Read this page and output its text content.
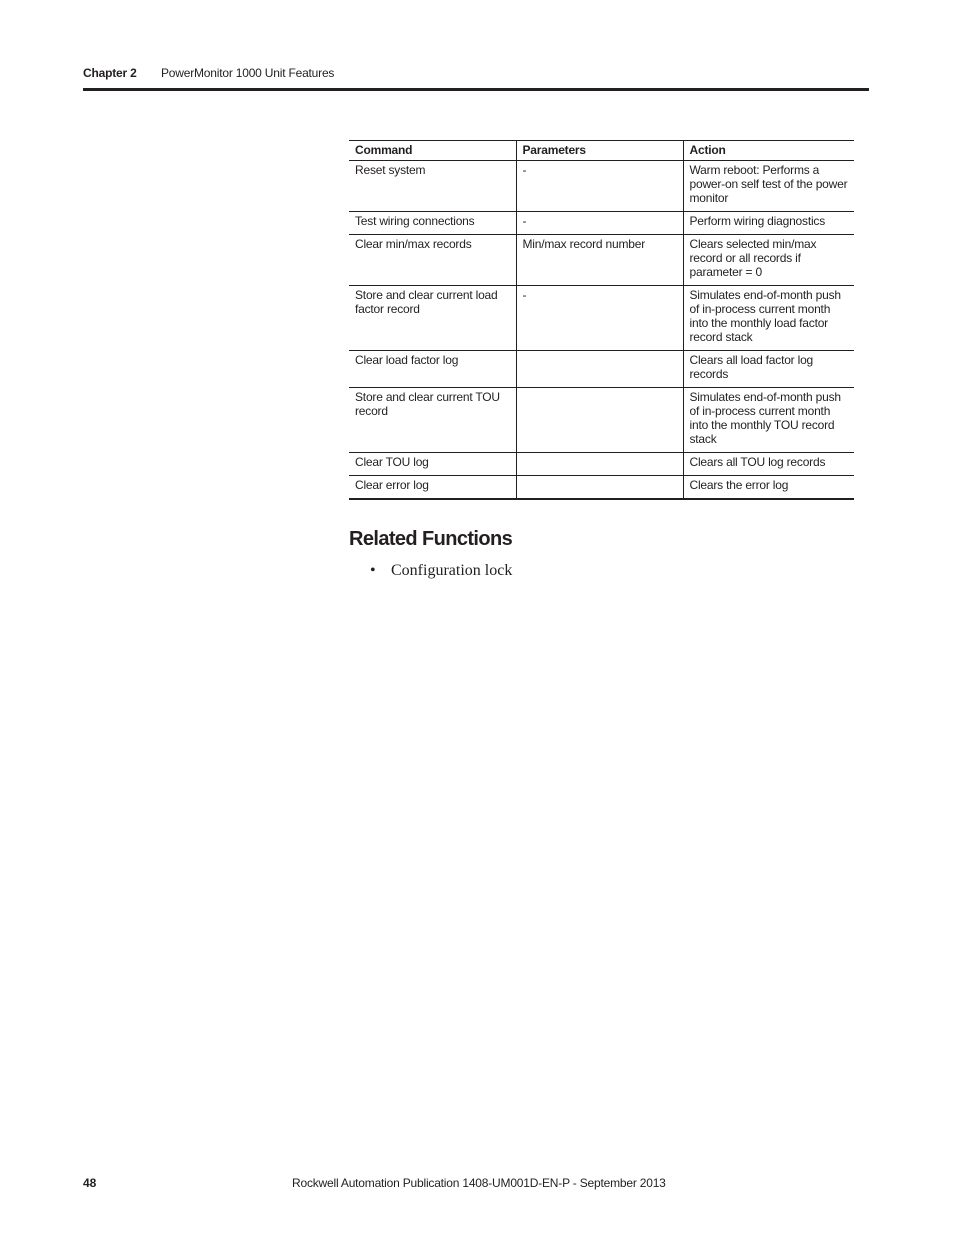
Chapter 2 PowerMonitor 1000 Unit Features
Command	Parameters	Action
Reset system	-	Warm reboot: Performs a power-on self test of the power monitor
Test wiring connections	-	Perform wiring diagnostics
Clear min/max records	Min/max record number	Clears selected min/max record or all records if parameter = 0
Store and clear current load factor record	-	Simulates end-of-month push of in-process current month into the monthly load factor record stack
Clear load factor log		Clears all load factor log records
Store and clear current TOU record		Simulates end-of-month push of in-process current month into the monthly TOU record stack
Clear TOU log		Clears all TOU log records
Clear error log		Clears the error log
Related Functions
• Configuration lock
48	Rockwell Automation Publication 1408-UM001D-EN-P - September 2013
